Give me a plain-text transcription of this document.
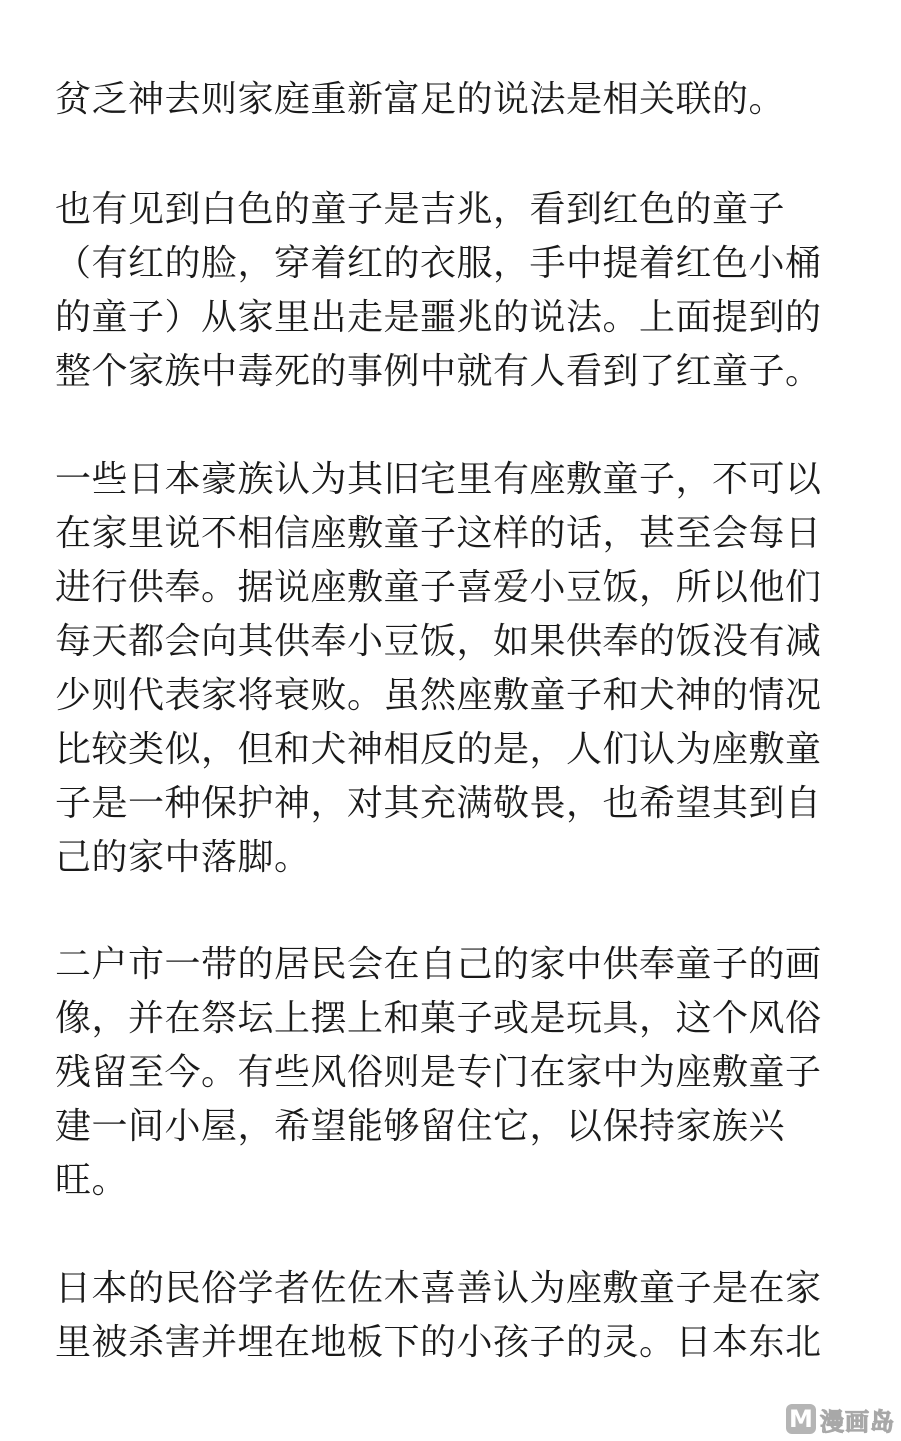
贫乏神去则家庭重新富足的说法是相关联的。
也有见到白色的童子是吉兆，看到红色的童子
（有红的脸，穿着红的衣服，手中提着红色小桶
的童子）从家里出走是噩兆的说法。上面提到的
整个家族中毒死的事例中就有人看到了红童子。
一些日本豪族认为其旧宅里有座敷童子，不可以
在家里说不相信座敷童子这样的话，甚至会每日
进行供奉。据说座敷童子喜爱小豆饭，所以他们
每天都会向其供奉小豆饭，如果供奉的饭没有减
少则代表家将衰败。虽然座敷童子和犬神的情况
比较类似，但和犬神相反的是，人们认为座敷童
子是一种保护神，对其充满敬畏，也希望其到自
己的家中落脚。
二户市一带的居民会在自己的家中供奉童子的画
像，并在祭坛上摆上和菓子或是玩具，这个风俗
残留至今。有些风俗则是专门在家中为座敷童子
建一间小屋，希望能够留住它，以保持家族兴
旺。
日本的民俗学者佐佐木喜善认为座敷童子是在家
里被杀害并埋在地板下的小孩子的灵。日本东北
M 漫画岛
